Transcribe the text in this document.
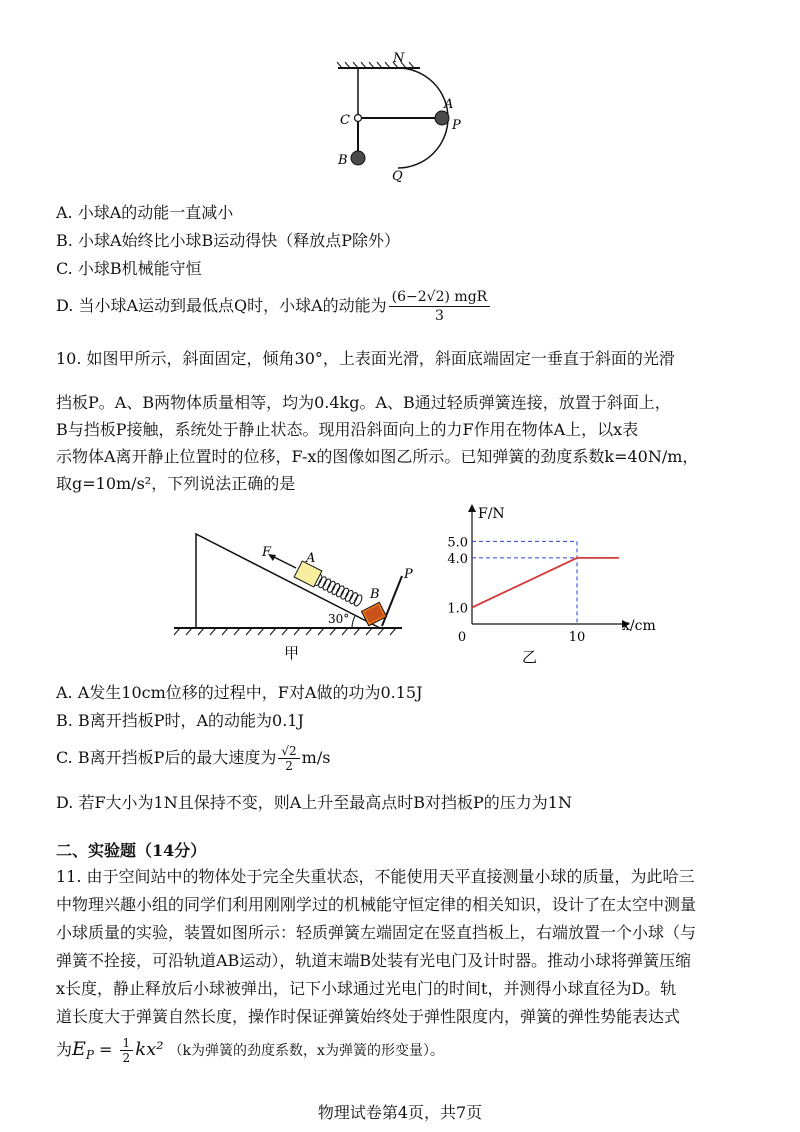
N
C
A
P
B
Q
A. 小球A的动能一直减小
B. 小球A始终比小球B运动得快（释放点P除外）
C. 小球B机械能守恒
D. 当小球A运动到最低点Q时，小球A的动能为 $\frac{\text{(6−2√2) mgR}}{3}$
10. 如图甲所示，斜面固定，倾角30°，上表面光滑，斜面底端固定一垂直于斜面的光滑
挡板P。A、B两物体质量相等，均为0.4kg。A、B通过轻质弹簧连接，放置于斜面上，
B与挡板P接触，系统处于静止状态。现用沿斜面向上的力F作用在物体A上，以x表
示物体A离开静止位置时的位移，F-x的图像如图乙所示。已知弹簧的劲度系数k=40N/m，
取g=10m/s²，下列说法正确的是
F	A
B
P
30°
甲
F/N
x/cm
5.0
4.0
1.0
0	10
乙
A. A发生10cm位移的过程中，F对A做的功为0.15J
B. B离开挡板P时，A的动能为0.1J
C. B离开挡板P后的最大速度为 $\frac{√2}{2} m/s$
D. 若F大小为1N且保持不变，则A上升至最高点时B对挡板P的压力为1N
二、实验题（14分）
11. 由于空间站中的物体处于完全失重状态，不能使用天平直接测量小球的质量，为此哈三
中物理兴趣小组的同学们利用刚刚学过的机械能守恒定律的相关知识，设计了在太空中测量
小球质量的实验，装置如图所示：轻质弹簧左端固定在竖直挡板上，右端放置一个小球（与
弹簧不拴接，可沿轨道AB运动），轨道末端B处装有光电门及计时器。推动小球将弹簧压缩
x长度，静止释放后小球被弹出，记下小球通过光电门的时间t，并测得小球直径为D。轨
道长度大于弹簧自然长度，操作时保证弹簧始终处于弹性限度内，弹簧的弹性势能表达式
为$E_P = \frac{1}{2} kx^2$ （k为弹簧的劲度系数，x为弹簧的形变量）。
物理试卷第4页，共7页
